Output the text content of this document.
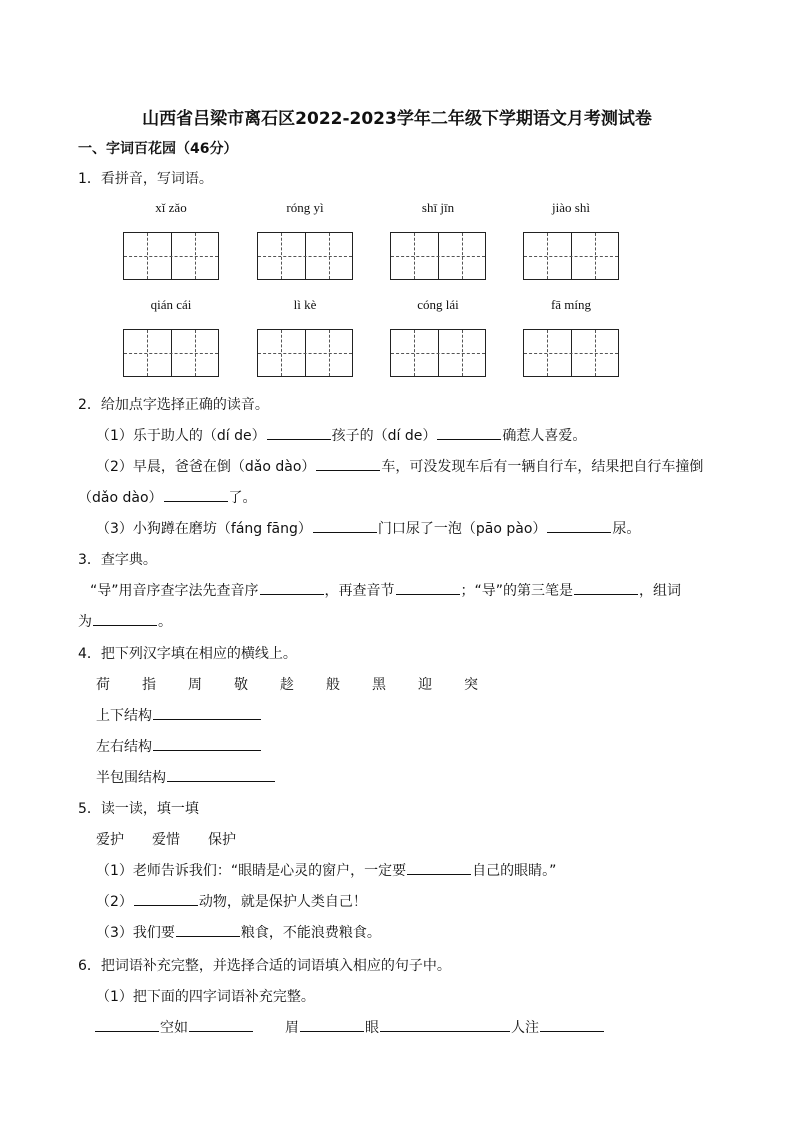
山西省吕梁市离石区2022-2023学年二年级下学期语文月考测试卷
一、字词百花园（46分）
1．看拼音，写词语。
xǐ zǎo	róng yì	shī jīn	jiào shì
qián cái	lì kè	cóng lái	fā míng
2．给加点字选择正确的读音。
（1）乐于助人的（dí de）	孩子的（dí de）	确惹人喜爱。
（2）早晨，爸爸在倒（dǎo dào）	车，可没发现车后有一辆自行车，结果把自行车撞倒
（dǎo dào）	了。
（3）小狗蹲在磨坊（fáng fāng）	门口尿了一泡（pāo pào）	尿。
3．查字典。
“导”用音序查字法先查音序	，再查音节	；“导”的第三笔是	，组词
为	。
4．把下列汉字填在相应的横线上。
荷 指 周 敬 趁 般 黑 迎 突
上下结构
左右结构
半包围结构
5．读一读，填一填
爱护　　爱惜　　保护
（1）老师告诉我们：“眼睛是心灵的窗户，一定要	自己的眼睛。”
（2）	动物，就是保护人类自己！
（3）我们要	粮食，不能浪费粮食。
6．把词语补充完整，并选择合适的词语填入相应的句子中。
（1）把下面的四字词语补充完整。
空如	眉	眼	人注
